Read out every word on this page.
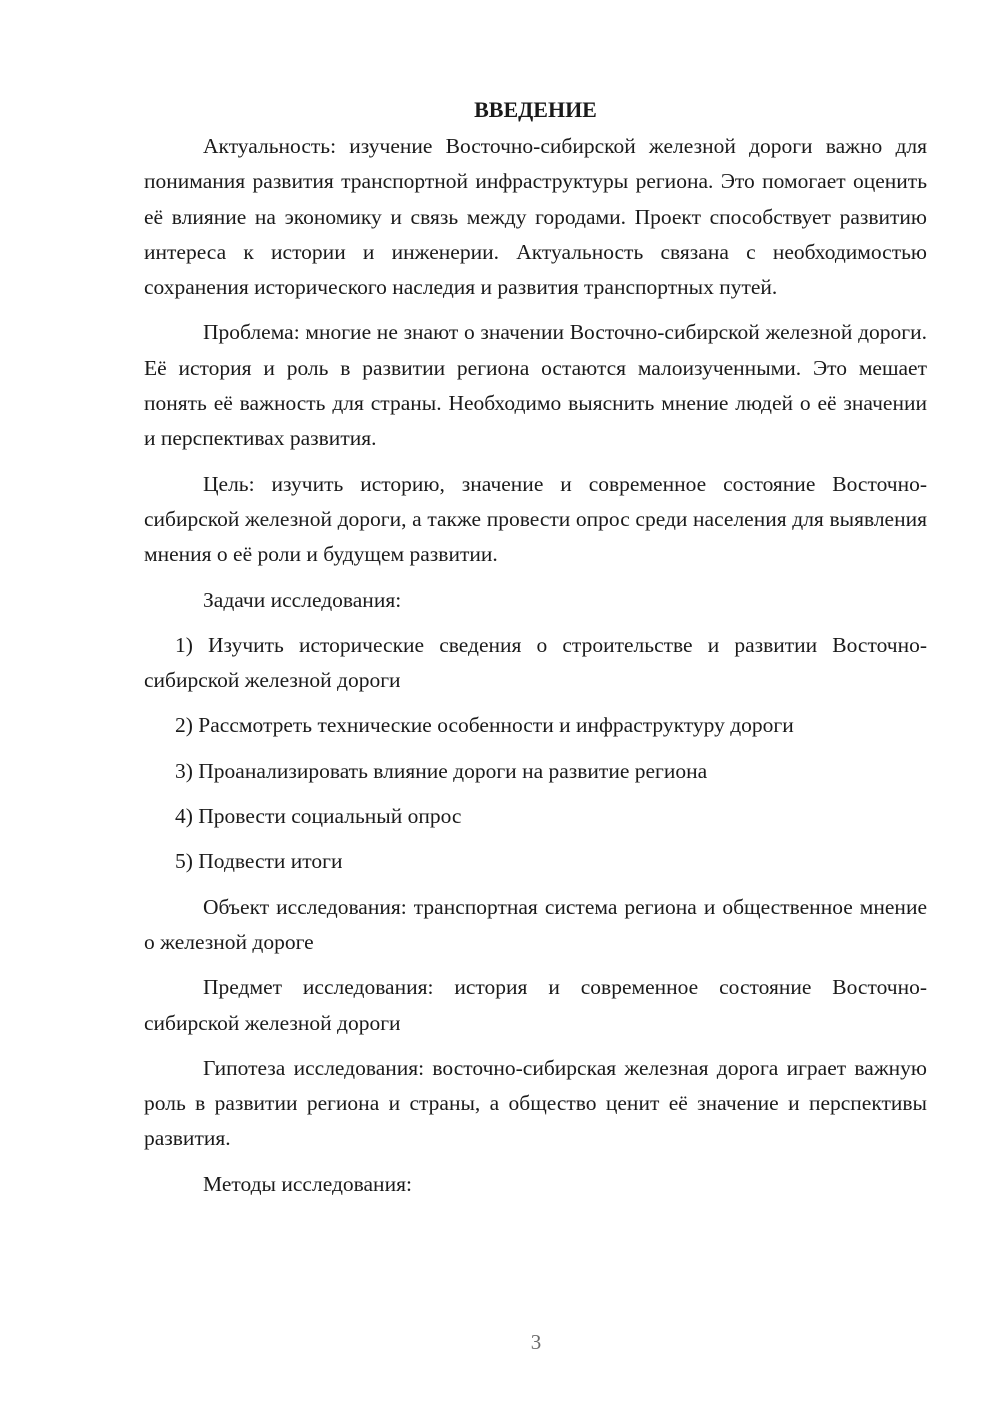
ВВЕДЕНИЕ

Актуальность: изучение Восточно-сибирской железной дороги важно для понимания развития транспортной инфраструктуры региона. Это помогает оценить её влияние на экономику и связь между городами. Проект способствует развитию интереса к истории и инженерии. Актуальность связана с необходимостью сохранения исторического наследия и развития транспортных путей.

Проблема: многие не знают о значении Восточно-сибирской железной дороги. Её история и роль в развитии региона остаются малоизученными. Это мешает понять её важность для страны. Необходимо выяснить мнение людей о её значении и перспективах развития.

Цель: изучить историю, значение и современное состояние Восточно-сибирской железной дороги, а также провести опрос среди населения для выявления мнения о её роли и будущем развитии.

Задачи исследования:

1) Изучить исторические сведения о строительстве и развитии Восточно-сибирской железной дороги

2) Рассмотреть технические особенности и инфраструктуру дороги

3) Проанализировать влияние дороги на развитие региона

4) Провести социальный опрос

5) Подвести итоги

Объект исследования: транспортная система региона и общественное мнение о железной дороге

Предмет исследования: история и современное состояние Восточно-сибирской железной дороги

Гипотеза исследования: восточно-сибирская железная дорога играет важную роль в развитии региона и страны, а общество ценит её значение и перспективы развития.

Методы исследования:

3
